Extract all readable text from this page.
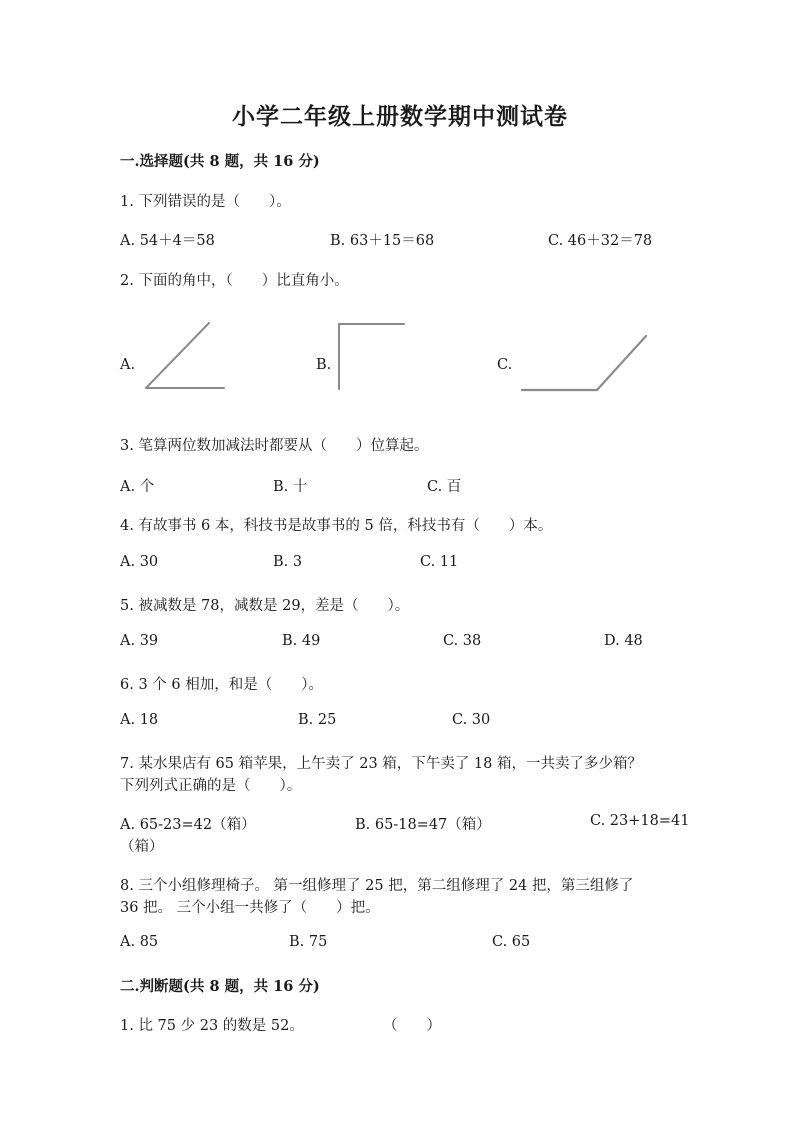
小学二年级上册数学期中测试卷
一.选择题(共 8 题，共 16 分)
1. 下列错误的是（　　）。
A. 54＋4＝58	B. 63＋15＝68	C. 46＋32＝78
2. 下面的角中，（　　）比直角小。
A.	B.	C.
3. 笔算两位数加减法时都要从（　　）位算起。
A. 个	B. 十	C. 百
4. 有故事书 6 本，科技书是故事书的 5 倍，科技书有（　　）本。
A. 30	B. 3	C. 11
5. 被减数是 78，减数是 29，差是（　　）。
A. 39	B. 49	C. 38	D. 48
6. 3 个 6 相加，和是（　　）。
A. 18	B. 25	C. 30
7. 某水果店有 65 箱苹果，上午卖了 23 箱，下午卖了 18 箱，一共卖了多少箱？
下列列式正确的是（　　）。
A. 65-23=42（箱）	B. 65-18=47（箱）	C. 23+18=41
（箱）
8. 三个小组修理椅子。 第一组修理了 25 把，第二组修理了 24 把，第三组修了
36 把。 三个小组一共修了（　　）把。
A. 85	B. 75	C. 65
二.判断题(共 8 题，共 16 分)
1. 比 75 少 23 的数是 52。	（　　）
